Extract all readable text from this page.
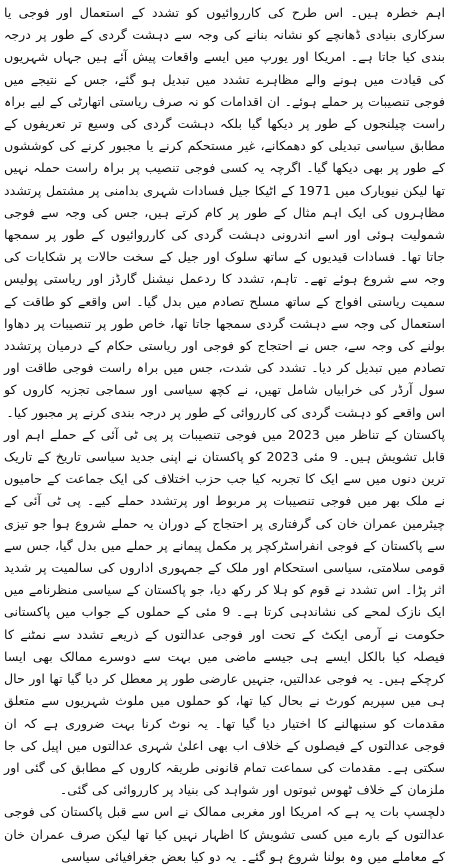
اہم خطرہ ہیں۔ اس طرح کی کارروائیوں کو تشدد کے استعمال اور فوجی یا سرکاری بنیادی ڈھانچے کو نشانہ بنانے کی وجہ سے دہشت گردی کے طور پر درجہ بندی کیا جاتا ہے۔ امریکا اور یورپ میں ایسے واقعات پیش آئے ہیں جہاں شہریوں کی قیادت میں ہونے والے مظاہرے تشدد میں تبدیل ہو گئے، جس کے نتیجے میں فوجی تنصیبات پر حملے ہوئے۔ ان اقدامات کو نہ صرف ریاستی اتھارٹی کے لیے براہ راست چیلنجوں کے طور پر دیکھا گیا بلکہ دہشت گردی کی وسیع تر تعریفوں کے مطابق سیاسی تبدیلی کو دھمکانے، غیر مستحکم کرنے یا مجبور کرنے کی کوششوں کے طور پر بھی دیکھا گیا۔ اگرچہ یہ کسی فوجی تنصیب پر براہ راست حملہ نہیں تھا لیکن نیویارک میں 1971 کے اٹیکا جیل فسادات شہری بدامنی پر مشتمل پرتشدد مظاہروں کی ایک اہم مثال کے طور پر کام کرتے ہیں، جس کی وجہ سے فوجی شمولیت ہوئی اور اسے اندرونی دہشت گردی کی کارروائیوں کے طور پر سمجھا جاتا تھا۔ فسادات قیدیوں کے ساتھ سلوک اور جیل کے سخت حالات پر شکایات کی وجہ سے شروع ہوئے تھے۔ تاہم، تشدد کا ردعمل نیشنل گارڈز اور ریاستی پولیس سمیت ریاستی افواج کے ساتھ مسلح تصادم میں بدل گیا۔ اس واقعے کو طاقت کے استعمال کی وجہ سے دہشت گردی سمجھا جاتا تھا، خاص طور پر تنصیبات پر دھاوا بولنے کی وجہ سے، جس نے احتجاج کو فوجی اور ریاستی حکام کے درمیان پرتشدد تصادم میں تبدیل کر دیا۔ تشدد کی شدت، جس میں براہ راست فوجی طاقت اور سول آرڈر کی خرابیاں شامل تھیں، نے کچھ سیاسی اور سماجی تجزیہ کاروں کو اس واقعے کو دہشت گردی کی کارروائی کے طور پر درجہ بندی کرنے پر مجبور کیا۔

پاکستان کے تناظر میں 2023 میں فوجی تنصیبات پر پی ٹی آئی کے حملے اہم اور قابل تشویش ہیں۔ 9 مئی 2023 کو پاکستان نے اپنی جدید سیاسی تاریخ کے تاریک ترین دنوں میں سے ایک کا تجربہ کیا جب حزب اختلاف کی ایک جماعت کے حامیوں نے ملک بھر میں فوجی تنصیبات پر مربوط اور پرتشدد حملے کیے۔ پی ٹی آئی کے چیئرمین عمران خان کی گرفتاری پر احتجاج کے دوران یہ حملے شروع ہوا جو تیزی سے پاکستان کے فوجی انفراسٹرکچر پر مکمل پیمانے پر حملے میں بدل گیا، جس سے قومی سلامتی، سیاسی استحکام اور ملک کے جمہوری اداروں کی سالمیت پر شدید اثر پڑا۔ اس تشدد نے قوم کو ہلا کر رکھ دیا، جو پاکستان کے سیاسی منظرنامے میں ایک نازک لمحے کی نشاندہی کرتا ہے۔ 9 مئی کے حملوں کے جواب میں پاکستانی حکومت نے آرمی ایکٹ کے تحت اور فوجی عدالتوں کے ذریعے تشدد سے نمٹنے کا فیصلہ کیا بالکل ایسے ہی جیسے ماضی میں بہت سے دوسرے ممالک بھی ایسا کرچکے ہیں۔ یہ فوجی عدالتیں، جنہیں عارضی طور پر معطل کر دیا گیا تھا اور حال ہی میں سپریم کورٹ نے بحال کیا تھا، کو حملوں میں ملوث شہریوں سے متعلق مقدمات کو سنبھالنے کا اختیار دیا گیا تھا۔ یہ نوٹ کرنا بہت ضروری ہے کہ ان فوجی عدالتوں کے فیصلوں کے خلاف اب بھی اعلیٰ شہری عدالتوں میں اپیل کی جا سکتی ہے۔ مقدمات کی سماعت تمام قانونی طریقہ کاروں کے مطابق کی گئی اور ملزمان کے خلاف ٹھوس ثبوتوں اور شواہد کی بنیاد پر کارروائی کی گئی۔

دلچسپ بات یہ ہے کہ امریکا اور مغربی ممالک نے اس سے قبل پاکستان کی فوجی عدالتوں کے بارے میں کسی تشویش کا اظہار نہیں کیا تھا لیکن صرف عمران خان کے معاملے میں وہ بولنا شروع ہو گئے۔ یہ دو کیا بعض جغرافیائی سیاسی
